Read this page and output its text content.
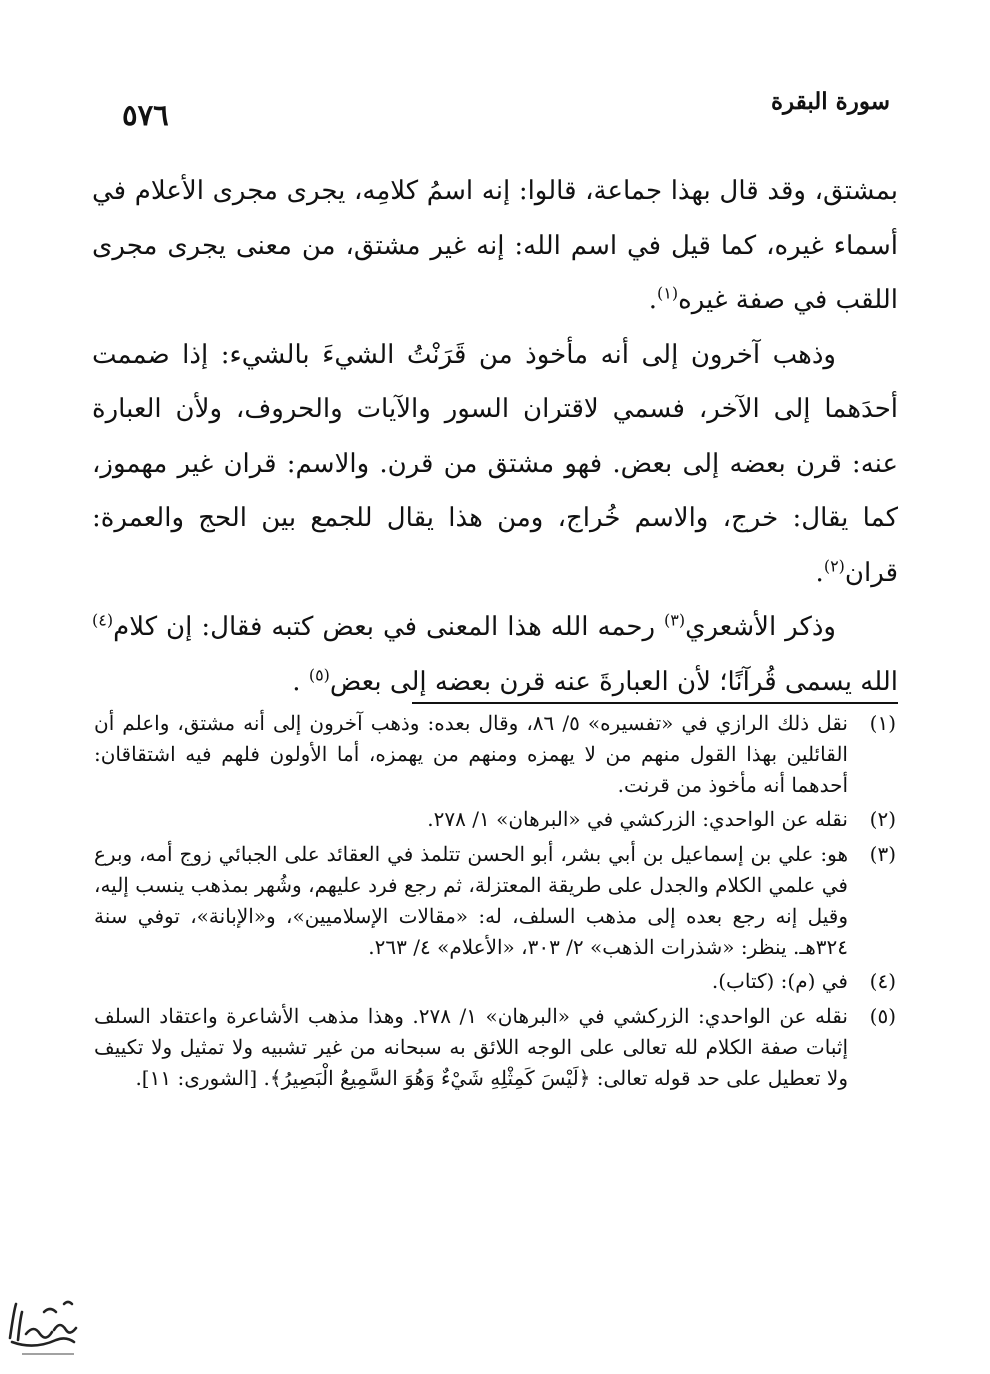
سورة البقرة
٥٧٦

بمشتق، وقد قال بهذا جماعة، قالوا: إنه اسمُ كلامِه، يجرى مجرى الأعلام في أسماء غيره، كما قيل في اسم الله: إنه غير مشتق، من معنى يجرى مجرى اللقب في صفة غيره$^{(١)}$.

وذهب آخرون إلى أنه مأخوذ من قَرَنْتُ الشيءَ بالشيء: إذا ضممت أحدَهما إلى الآخر، فسمي لاقتران السور والآيات والحروف، ولأن العبارة عنه: قرن بعضه إلى بعض. فهو مشتق من قرن. والاسم: قران غير مهموز، كما يقال: خرج، والاسم خُراج، ومن هذا يقال للجمع بين الحج والعمرة: قران$^{(٢)}$.

وذكر الأشعري$^{(٣)}$ رحمه الله هذا المعنى في بعض كتبه فقال: إن كلام$^{(٤)}$ الله يسمى قُرآنًا؛ لأن العبارةَ عنه قرن بعضه إلى بعض$^{(٥)}$ .

(١)
نقل ذلك الرازي في «تفسيره» ٥/ ٨٦، وقال بعده: وذهب آخرون إلى أنه مشتق، واعلم أن القائلين بهذا القول منهم من لا يهمزه ومنهم من يهمزه، أما الأولون فلهم فيه اشتقاقان: أحدهما أنه مأخوذ من قرنت.
(٢)
نقله عن الواحدي: الزركشي في «البرهان» ١/ ٢٧٨.
(٣)
هو: علي بن إسماعيل بن أبي بشر، أبو الحسن تتلمذ في العقائد على الجبائي زوج أمه، وبرع في علمي الكلام والجدل على طريقة المعتزلة، ثم رجع فرد عليهم، وشُهر بمذهب ينسب إليه، وقيل إنه رجع بعده إلى مذهب السلف، له: «مقالات الإسلاميين»، و«الإبانة»، توفي سنة ٣٢٤هـ. ينظر: «شذرات الذهب» ٢/ ٣٠٣، «الأعلام» ٤/ ٢٦٣.
(٤)
في (م): (كتاب).
(٥)
نقله عن الواحدي: الزركشي في «البرهان» ١/ ٢٧٨. وهذا مذهب الأشاعرة واعتقاد السلف إثبات صفة الكلام لله تعالى على الوجه اللائق به سبحانه من غير تشبيه ولا تمثيل ولا تكييف ولا تعطيل على حد قوله تعالى: ﴿لَيْسَ كَمِثْلِهِ شَيْءٌ وَهُوَ السَّمِيعُ الْبَصِيرُ﴾. [الشورى: ١١].
